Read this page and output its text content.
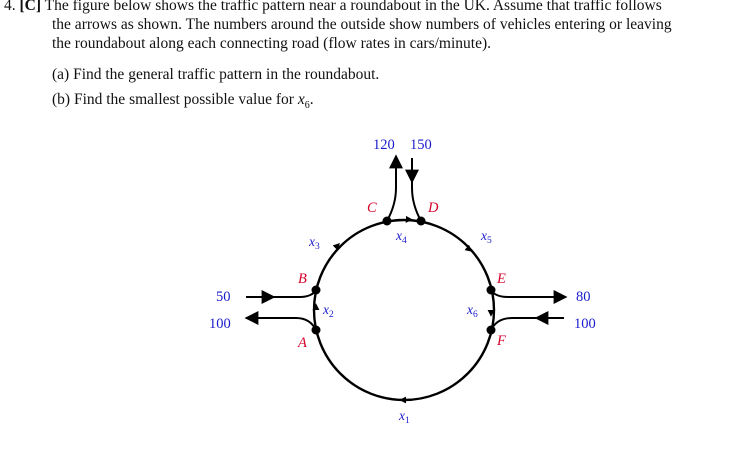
4. [C] The figure below shows the traffic pattern near a roundabout in the UK. Assume that traffic follows
the arrows as shown. The numbers around the outside show numbers of vehicles entering or leaving
the roundabout along each connecting road (flow rates in cars/minute).
(a) Find the general traffic pattern in the roundabout.
(b) Find the smallest possible value for $x_6$.
120 150
50
100
80
100
C	D
B
A
E
F
$x_3$
$x_4$	$x_5$
$x_2$	$x_6$
$x_1$
